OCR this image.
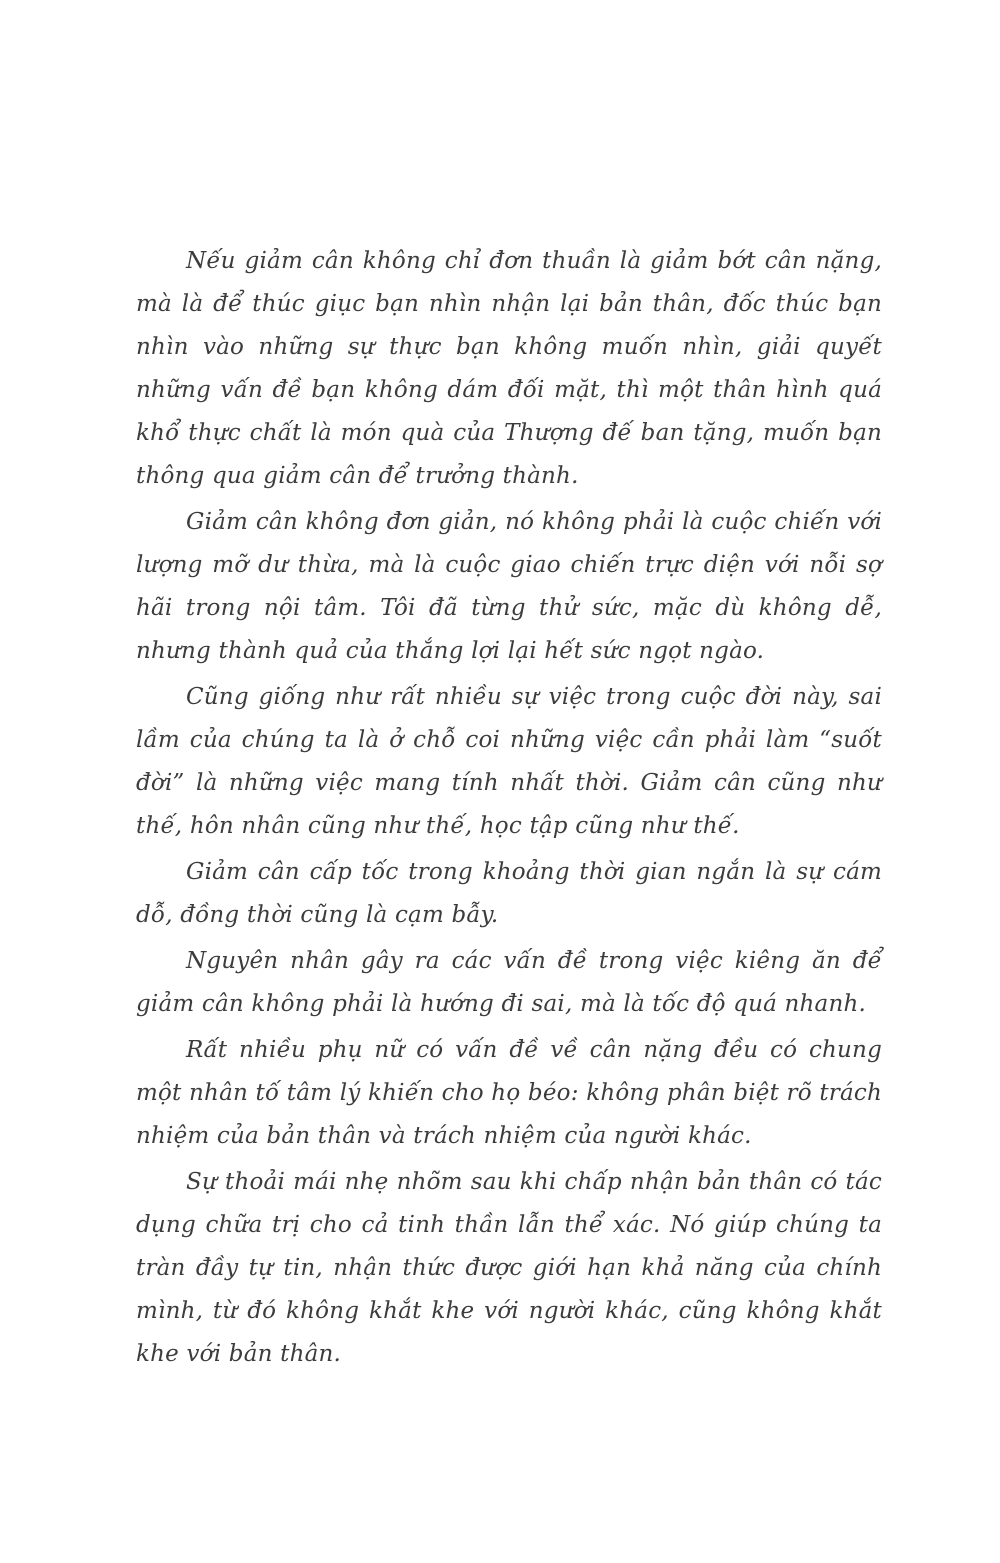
Nếu giảm cân không chỉ đơn thuần là giảm bớt cân nặng, mà là để thúc giục bạn nhìn nhận lại bản thân, đốc thúc bạn nhìn vào những sự thực bạn không muốn nhìn, giải quyết những vấn đề bạn không dám đối mặt, thì một thân hình quá khổ thực chất là món quà của Thượng đế ban tặng, muốn bạn thông qua giảm cân để trưởng thành.

Giảm cân không đơn giản, nó không phải là cuộc chiến với lượng mỡ dư thừa, mà là cuộc giao chiến trực diện với nỗi sợ hãi trong nội tâm. Tôi đã từng thử sức, mặc dù không dễ, nhưng thành quả của thắng lợi lại hết sức ngọt ngào.

Cũng giống như rất nhiều sự việc trong cuộc đời này, sai lầm của chúng ta là ở chỗ coi những việc cần phải làm “suốt đời” là những việc mang tính nhất thời. Giảm cân cũng như thế, hôn nhân cũng như thế, học tập cũng như thế.

Giảm cân cấp tốc trong khoảng thời gian ngắn là sự cám dỗ, đồng thời cũng là cạm bẫy.

Nguyên nhân gây ra các vấn đề trong việc kiêng ăn để giảm cân không phải là hướng đi sai, mà là tốc độ quá nhanh.

Rất nhiều phụ nữ có vấn đề về cân nặng đều có chung một nhân tố tâm lý khiến cho họ béo: không phân biệt rõ trách nhiệm của bản thân và trách nhiệm của người khác.

Sự thoải mái nhẹ nhõm sau khi chấp nhận bản thân có tác dụng chữa trị cho cả tinh thần lẫn thể xác. Nó giúp chúng ta tràn đầy tự tin, nhận thức được giới hạn khả năng của chính mình, từ đó không khắt khe với người khác, cũng không khắt khe với bản thân.
